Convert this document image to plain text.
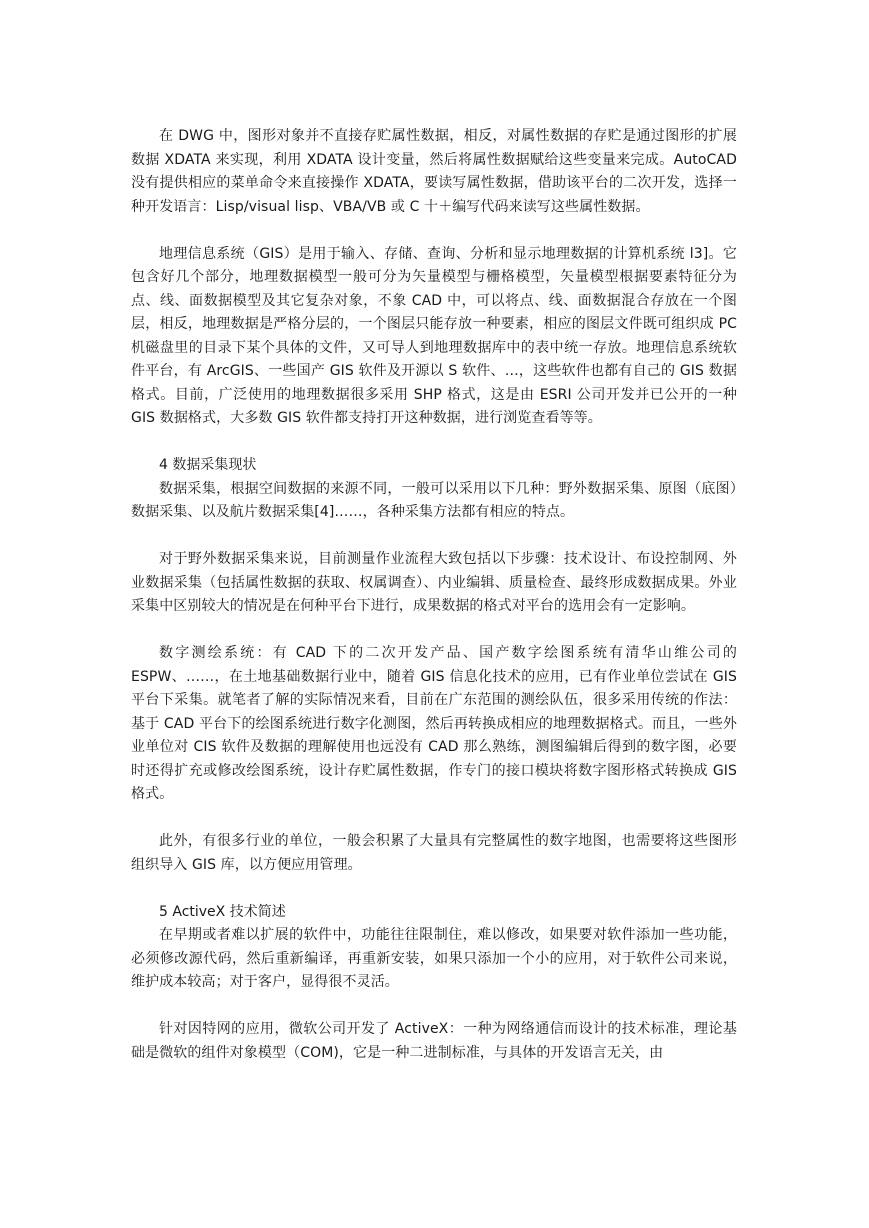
在 DWG 中，图形对象并不直接存贮属性数据，相反，对属性数据的存贮是通过图形的扩展数据 XDATA 来实现，利用 XDATA 设计变量，然后将属性数据赋给这些变量来完成。AutoCAD 没有提供相应的菜单命令来直接操作 XDATA，要读写属性数据，借助该平台的二次开发，选择一种开发语言：Lisp/visual lisp、VBA/VB 或 C 十＋编写代码来读写这些属性数据。

地理信息系统（GIS）是用于输入、存储、查询、分析和显示地理数据的计算机系统 l3]。它包含好几个部分，地理数据模型一般可分为矢量模型与栅格模型，矢量模型根据要素特征分为点、线、面数据模型及其它复杂对象，不象 CAD 中，可以将点、线、面数据混合存放在一个图层，相反，地理数据是严格分层的，一个图层只能存放一种要素，相应的图层文件既可组织成 PC 机磁盘里的目录下某个具体的文件，又可导人到地理数据库中的表中统一存放。地理信息系统软件平台，有 ArcGIS、一些国产 GIS 软件及开源以 S 软件、…，这些软件也都有自己的 GIS 数据格式。目前，广泛使用的地理数据很多采用 SHP 格式，这是由 ESRI 公司开发并已公开的一种 GIS 数据格式，大多数 GIS 软件都支持打开这种数据，进行浏览查看等等。

4 数据采集现状

数据采集，根据空间数据的来源不同，一般可以采用以下几种：野外数据采集、原图（底图）数据采集、以及航片数据采集[4]……，各种采集方法都有相应的特点。

对于野外数据采集来说，目前测量作业流程大致包括以下步骤：技术设计、布设控制网、外业数据采集（包括属性数据的获取、权属调查）、内业编辑、质量检查、最终形成数据成果。外业采集中区别较大的情况是在何种平台下进行，成果数据的格式对平台的选用会有一定影响。

数字测绘系统：有 CAD 下的二次开发产品、国产数字绘图系统有清华山维公司的 ESPW、……，在土地基础数据行业中，随着 GIS 信息化技术的应用，已有作业单位尝试在 GIS 平台下采集。就笔者了解的实际情况来看，目前在广东范围的测绘队伍，很多采用传统的作法：基于 CAD 平台下的绘图系统进行数字化测图，然后再转换成相应的地理数据格式。而且，一些外业单位对 CIS 软件及数据的理解使用也远没有 CAD 那么熟练，测图编辑后得到的数字图，必要时还得扩充或修改绘图系统，设计存贮属性数据，作专门的接口模块将数字图形格式转换成 GIS 格式。

此外，有很多行业的单位，一般会积累了大量具有完整属性的数字地图，也需要将这些图形组织导入 GIS 库，以方便应用管理。

5 ActiveX 技术简述

在早期或者难以扩展的软件中，功能往往限制住，难以修改，如果要对软件添加一些功能，必须修改源代码，然后重新编译，再重新安装，如果只添加一个小的应用，对于软件公司来说，维护成本较高；对于客户，显得很不灵活。

针对因特网的应用，微软公司开发了 ActiveX：一种为网络通信而设计的技术标准，理论基础是微软的组件对象模型（COM)，它是一种二进制标准，与具体的开发语言无关，由
